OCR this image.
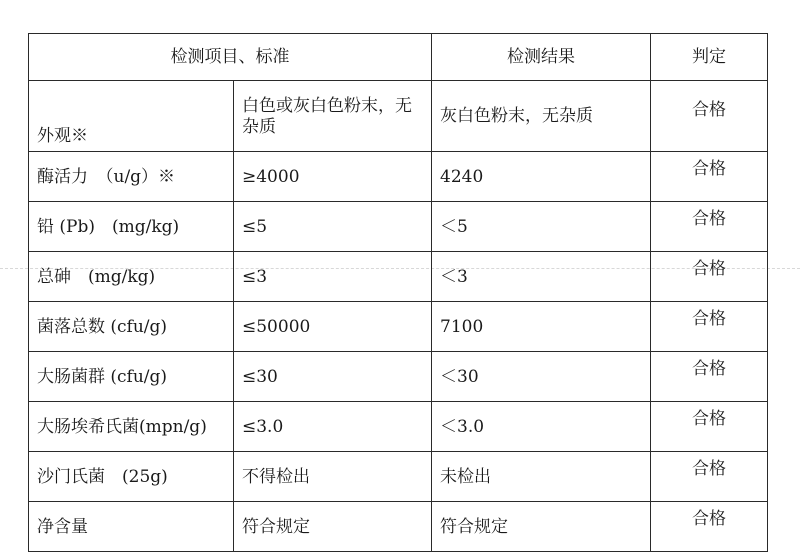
检测项目、标准		检测结果	判定
外观※	白色或灰白色粉末，无杂质	灰白色粉末，无杂质	合格
酶活力　（u/g）※	≥4000	4240	合格
铅 (Pb)　(mg/kg)	≤5	＜5	合格
总砷　(mg/kg)	≤3	＜3	合格
菌落总数 (cfu/g)	≤50000	7100	合格
大肠菌群 (cfu/g)	≤30	＜30	合格
大肠埃希氏菌(mpn/g)	≤3.0	＜3.0	合格
沙门氏菌　(25g)	不得检出	未检出	合格
净含量	符合规定	符合规定	合格
